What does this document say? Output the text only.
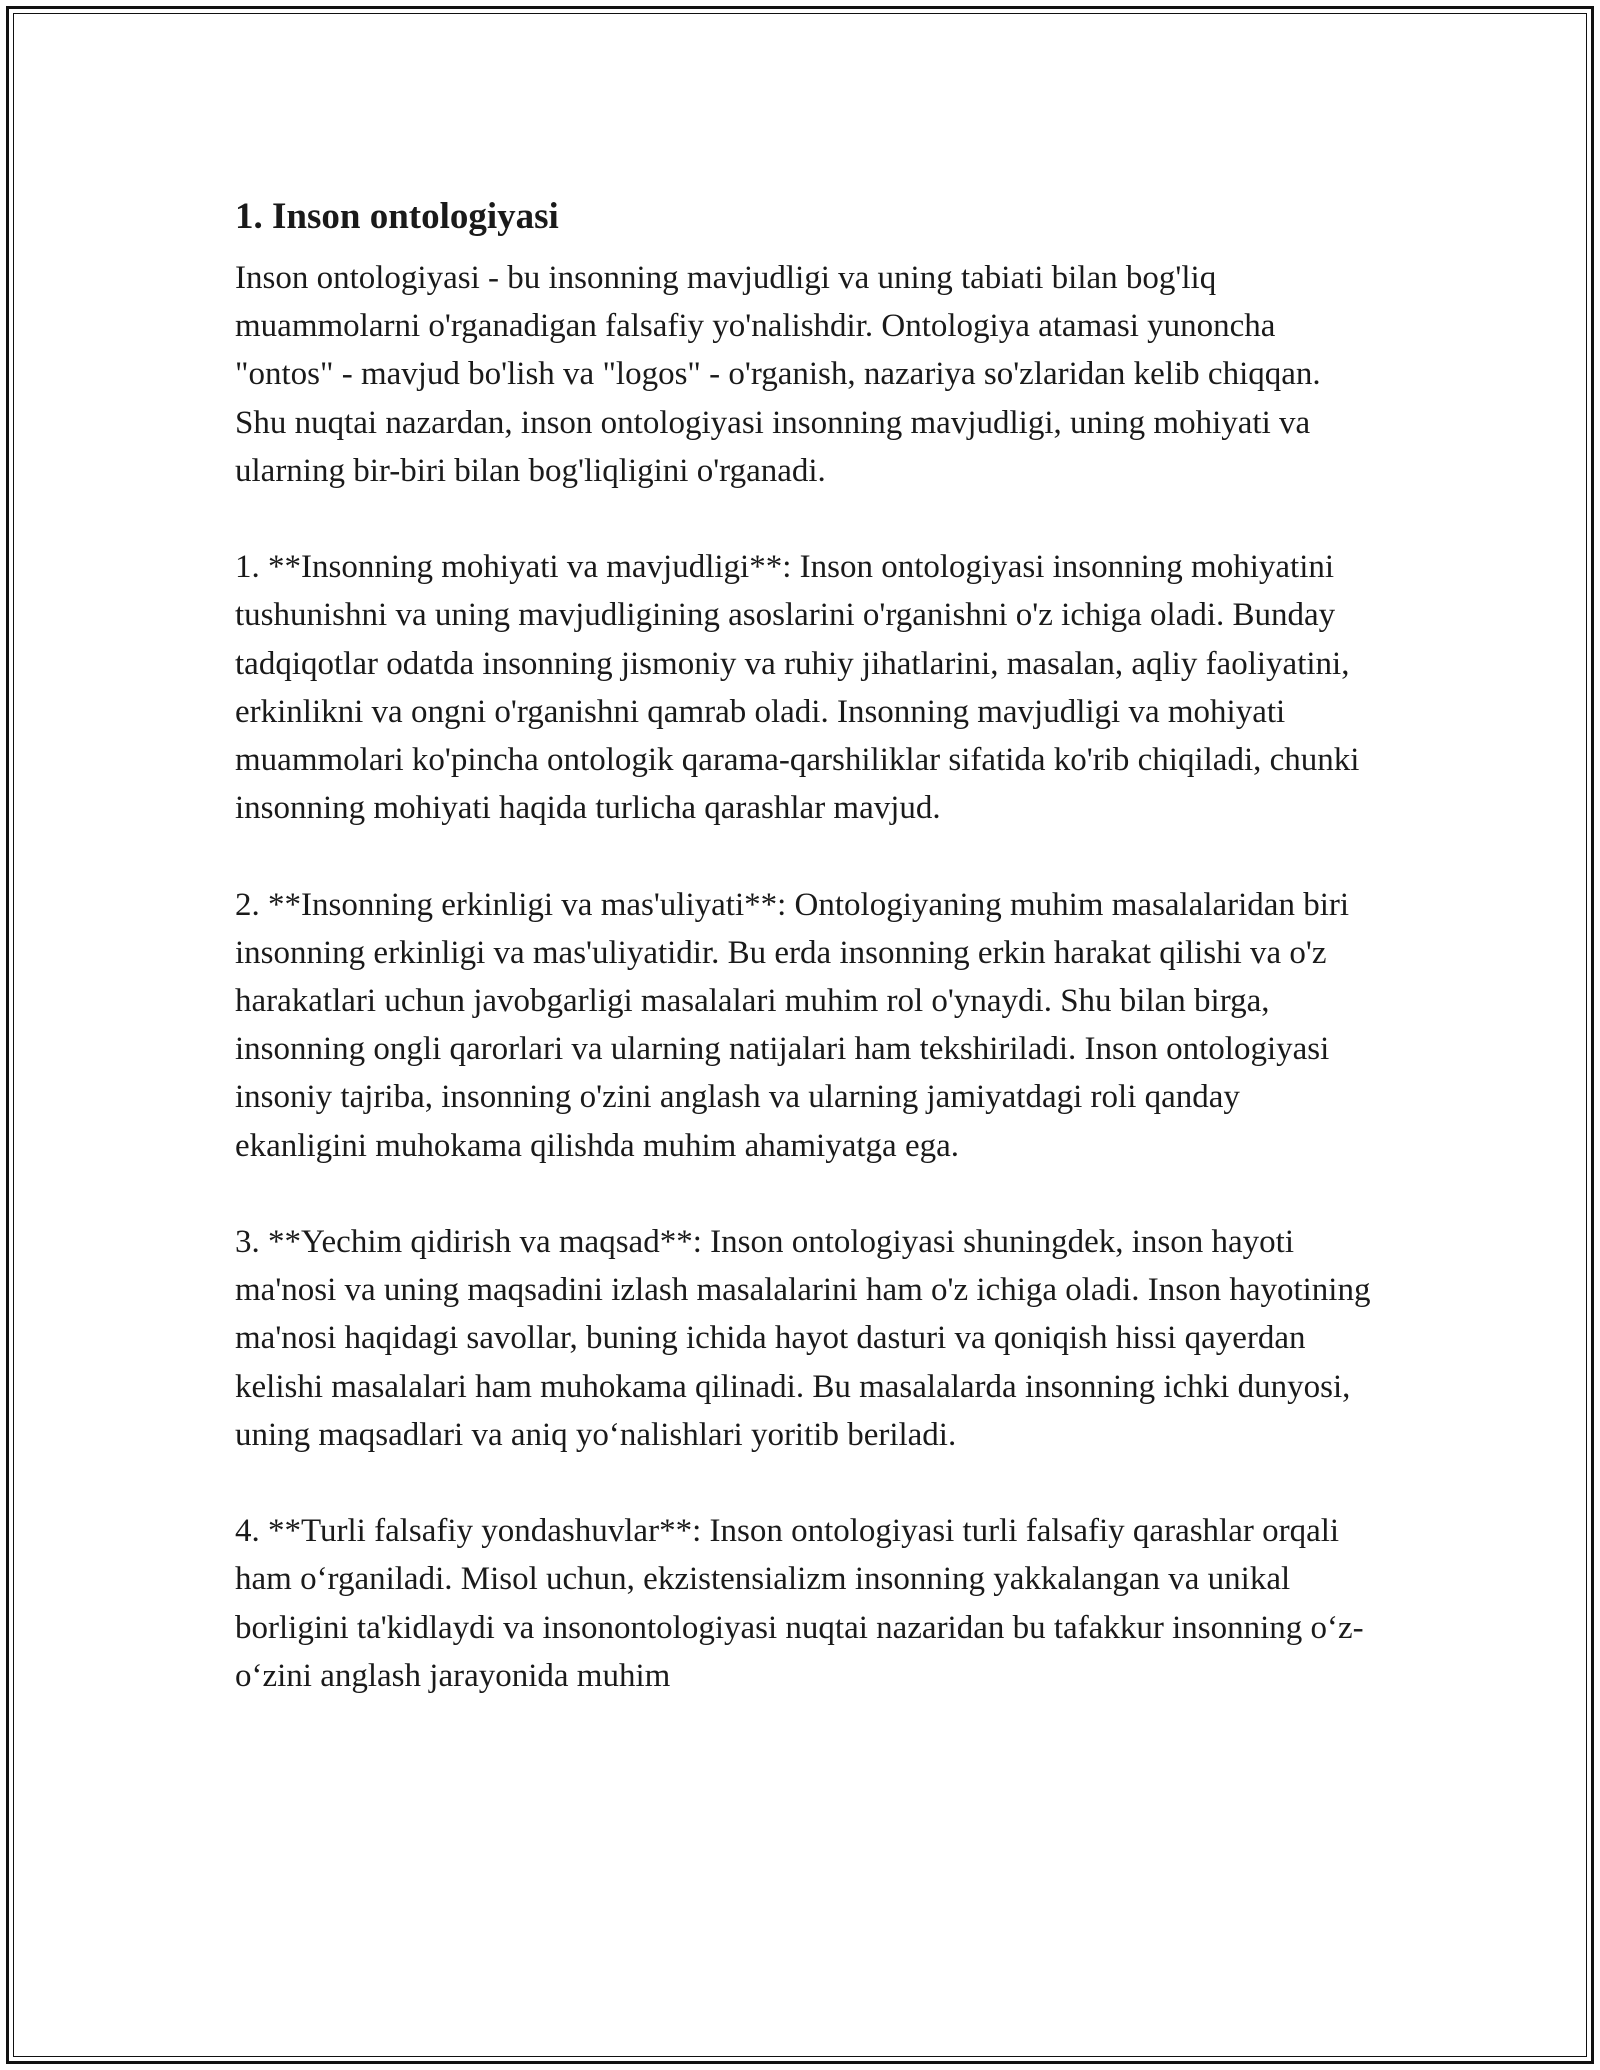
1. Inson ontologiyasi

Inson ontologiyasi - bu insonning mavjudligi va uning tabiati bilan bog'liq muammolarni o'rganadigan falsafiy yo'nalishdir. Ontologiya atamasi yunoncha "ontos" - mavjud bo'lish va "logos" - o'rganish, nazariya so'zlaridan kelib chiqqan. Shu nuqtai nazardan, inson ontologiyasi insonning mavjudligi, uning mohiyati va ularning bir-biri bilan bog'liqligini o'rganadi.

1. **Insonning mohiyati va mavjudligi**: Inson ontologiyasi insonning mohiyatini tushunishni va uning mavjudligining asoslarini o'rganishni o'z ichiga oladi. Bunday tadqiqotlar odatda insonning jismoniy va ruhiy jihatlarini, masalan, aqliy faoliyatini, erkinlikni va ongni o'rganishni qamrab oladi. Insonning mavjudligi va mohiyati muammolari ko'pincha ontologik qarama-qarshiliklar sifatida ko'rib chiqiladi, chunki insonning mohiyati haqida turlicha qarashlar mavjud.

2. **Insonning erkinligi va mas'uliyati**: Ontologiyaning muhim masalalaridan biri insonning erkinligi va mas'uliyatidir. Bu erda insonning erkin harakat qilishi va o'z harakatlari uchun javobgarligi masalalari muhim rol o'ynaydi. Shu bilan birga, insonning ongli qarorlari va ularning natijalari ham tekshiriladi. Inson ontologiyasi insoniy tajriba, insonning o'zini anglash va ularning jamiyatdagi roli qanday ekanligini muhokama qilishda muhim ahamiyatga ega.

3. **Yechim qidirish va maqsad**: Inson ontologiyasi shuningdek, inson hayoti ma'nosi va uning maqsadini izlash masalalarini ham o'z ichiga oladi. Inson hayotining ma'nosi haqidagi savollar, buning ichida hayot dasturi va qoniqish hissi qayerdan kelishi masalalari ham muhokama qilinadi. Bu masalalarda insonning ichki dunyosi, uning maqsadlari va aniq yo‘nalishlari yoritib beriladi.

4. **Turli falsafiy yondashuvlar**: Inson ontologiyasi turli falsafiy qarashlar orqali ham o‘rganiladi. Misol uchun, ekzistensializm insonning yakkalangan va unikal borligini ta'kidlaydi va insonontologiyasi nuqtai nazaridan bu tafakkur insonning o‘z-o‘zini anglash jarayonida muhim
